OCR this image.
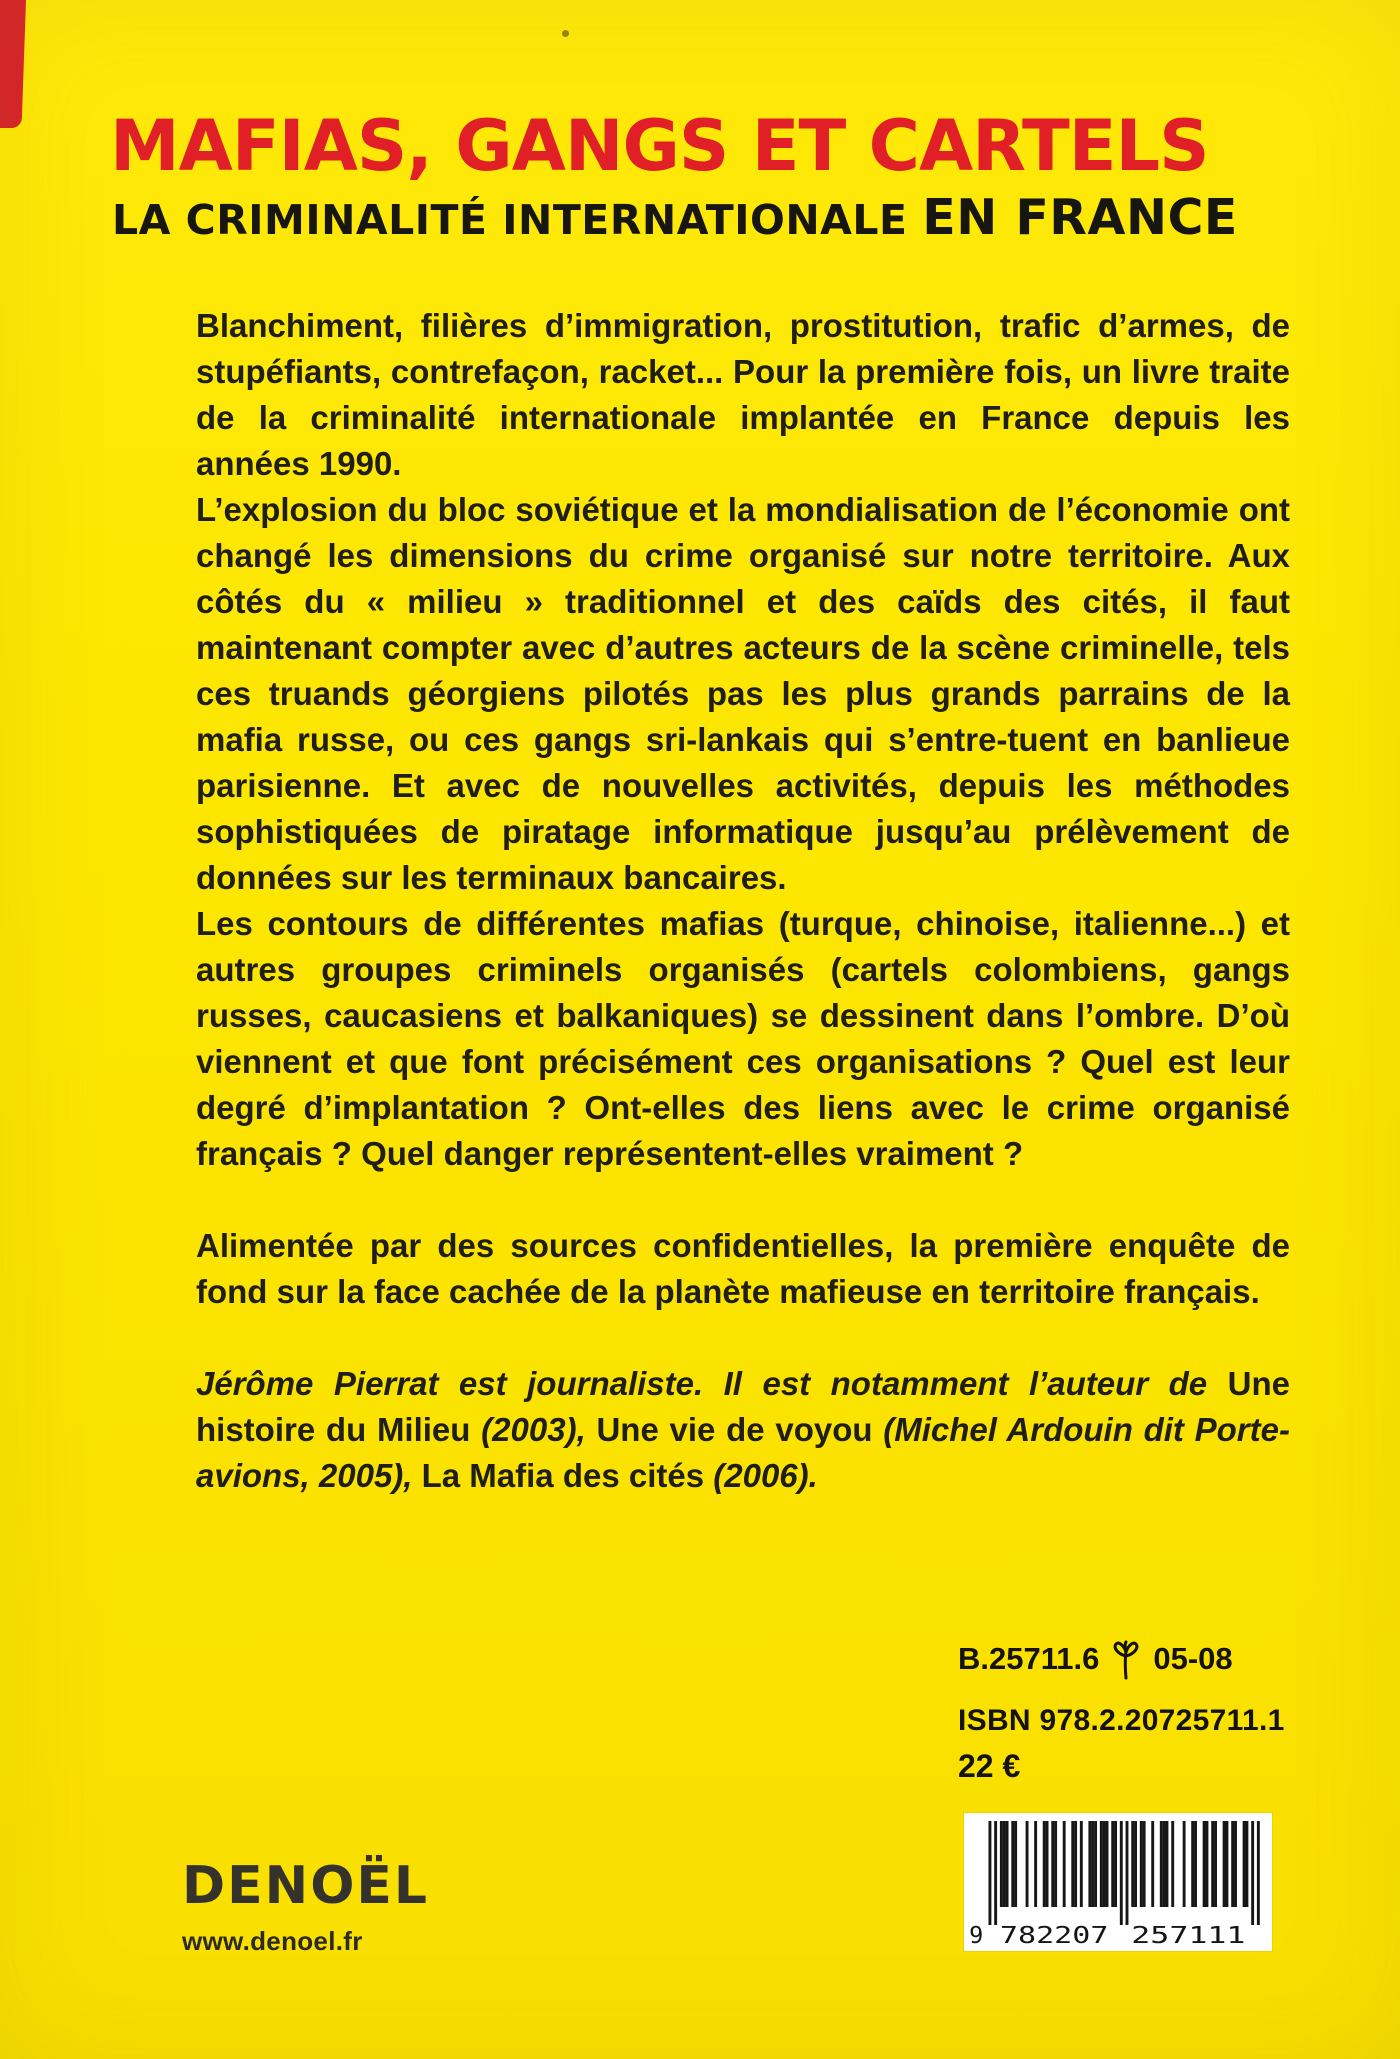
MAFIAS, GANGS ET CARTELS
LA CRIMINALITÉ INTERNATIONALE EN FRANCE

Blanchiment, filières d’immigration, prostitution, trafic d’armes, de stupéfiants, contrefaçon, racket... Pour la première fois, un livre traite de la criminalité internationale implantée en France depuis les années 1990.

L’explosion du bloc soviétique et la mondialisation de l’économie ont changé les dimensions du crime organisé sur notre territoire. Aux côtés du « milieu » traditionnel et des caïds des cités, il faut maintenant compter avec d’autres acteurs de la scène criminelle, tels ces truands géorgiens pilotés pas les plus grands parrains de la mafia russe, ou ces gangs sri-lankais qui s’entre-tuent en banlieue parisienne. Et avec de nouvelles activités, depuis les méthodes sophistiquées de piratage informatique jusqu’au prélèvement de données sur les terminaux bancaires.

Les contours de différentes mafias (turque, chinoise, italienne...) et autres groupes criminels organisés (cartels colombiens, gangs russes, caucasiens et balkaniques) se dessinent dans l’ombre. D’où viennent et que font précisément ces organisations ? Quel est leur degré d’implantation ? Ont-elles des liens avec le crime organisé français ? Quel danger représentent-elles vraiment ?

Alimentée par des sources confidentielles, la première enquête de fond sur la face cachée de la planète mafieuse en territoire français.

Jérôme Pierrat est journaliste. Il est notamment l’auteur de Une histoire du Milieu (2003), Une vie de voyou (Michel Ardouin dit Porte-avions, 2005), La Mafia des cités (2006).

B.25711.6 05-08
ISBN 978.2.20725711.1
22 €
9 782207 257111
DENOËL
www.denoel.fr
